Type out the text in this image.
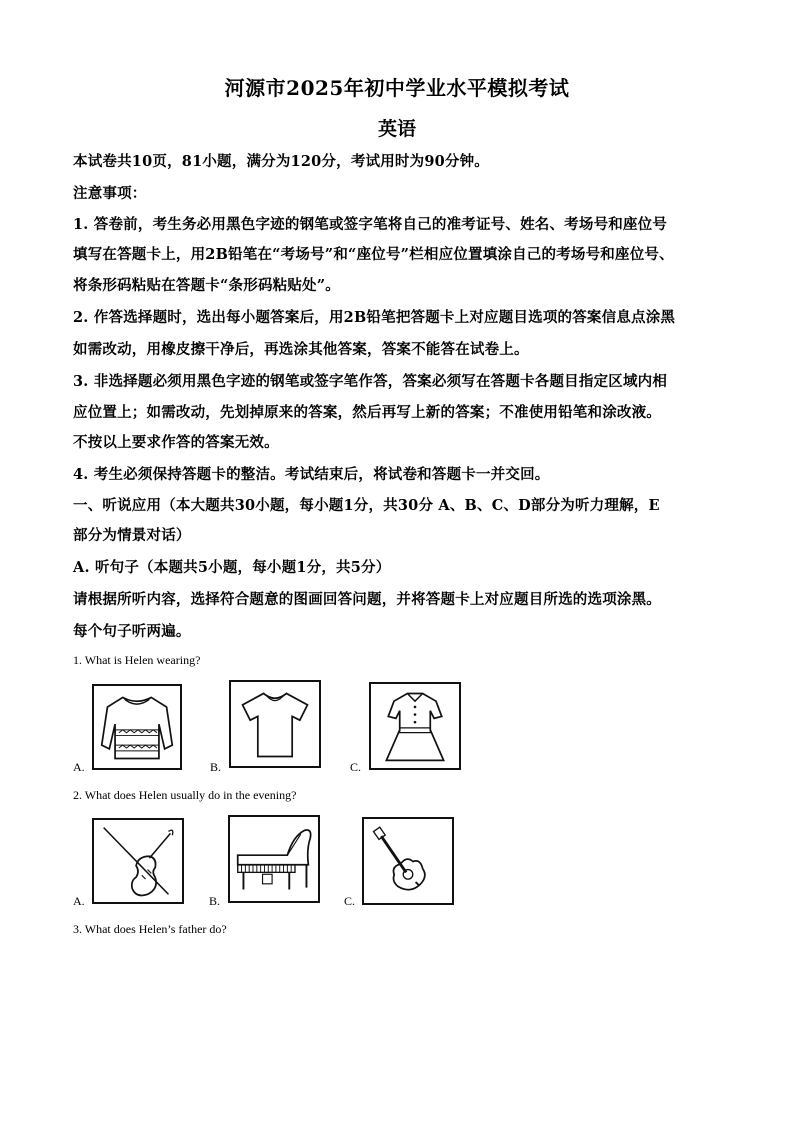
河源市2025年初中学业水平模拟考试
英语
本试卷共10页，81小题，满分为120分，考试用时为90分钟。
注意事项：
1. 答卷前，考生务必用黑色字迹的钢笔或签字笔将自己的准考证号、姓名、考场号和座位号
填写在答题卡上，用2B铅笔在“考场号”和“座位号”栏相应位置填涂自己的考场号和座位号、
将条形码粘贴在答题卡“条形码粘贴处”。
2. 作答选择题时，选出每小题答案后，用2B铅笔把答题卡上对应题目选项的答案信息点涂黑
如需改动，用橡皮擦干净后，再选涂其他答案，答案不能答在试卷上。
3. 非选择题必须用黑色字迹的钢笔或签字笔作答，答案必须写在答题卡各题目指定区域内相
应位置上；如需改动，先划掉原来的答案，然后再写上新的答案；不准使用铅笔和涂改液。
不按以上要求作答的答案无效。
4. 考生必须保持答题卡的整洁。考试结束后，将试卷和答题卡一并交回。
一、听说应用（本大题共30小题，每小题1分，共30分 A、B、C、D部分为听力理解，E
部分为情景对话）
A. 听句子（本题共5小题，每小题1分，共5分）
请根据所听内容，选择符合题意的图画回答问题，并将答题卡上对应题目所选的选项涂黑。
每个句子听两遍。
1. What is Helen wearing?
A.	B.	C.
2. What does Helen usually do in the evening?
A.	B.	C.
3. What does Helen’s father do?
